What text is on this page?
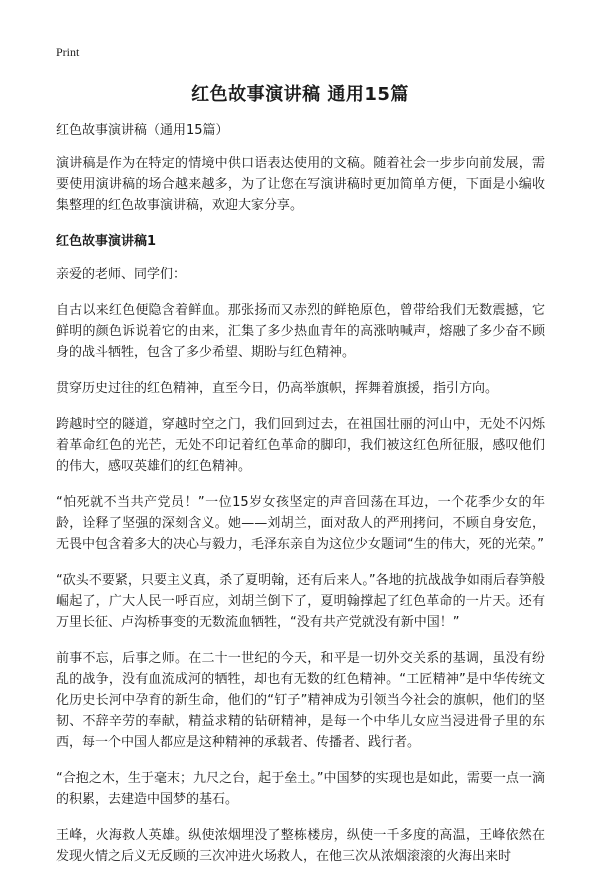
Print
红色故事演讲稿 通用15篇

红色故事演讲稿（通用15篇）

演讲稿是作为在特定的情境中供口语表达使用的文稿。随着社会一步步向前发展，需要使用演讲稿的场合越来越多，为了让您在写演讲稿时更加简单方便，下面是小编收集整理的红色故事演讲稿，欢迎大家分享。

红色故事演讲稿1

亲爱的老师、同学们：

自古以来红色便隐含着鲜血。那张扬而又赤烈的鲜艳原色，曾带给我们无数震撼，它鲜明的颜色诉说着它的由来，汇集了多少热血青年的高涨呐喊声，熔融了多少奋不顾身的战斗牺牲，包含了多少希望、期盼与红色精神。

贯穿历史过往的红色精神，直至今日，仍高举旗帜，挥舞着旗援，指引方向。

跨越时空的隧道，穿越时空之门，我们回到过去，在祖国壮丽的河山中，无处不闪烁着革命红色的光芒，无处不印记着红色革命的脚印，我们被这红色所征服，感叹他们的伟大，感叹英雄们的红色精神。

“怕死就不当共产党员！”一位15岁女孩坚定的声音回荡在耳边，一个花季少女的年龄，诠释了坚强的深刻含义。她——刘胡兰，面对敌人的严刑拷问，不顾自身安危，无畏中包含着多大的决心与毅力，毛泽东亲自为这位少女题词“生的伟大，死的光荣。”

“砍头不要紧，只要主义真，杀了夏明翰，还有后来人。”各地的抗战战争如雨后春笋般崛起了，广大人民一呼百应，刘胡兰倒下了，夏明翰撑起了红色革命的一片天。还有万里长征、卢沟桥事变的无数流血牺牲，“没有共产党就没有新中国！”

前事不忘，后事之师。在二十一世纪的今天，和平是一切外交关系的基调，虽没有纷乱的战争，没有血流成河的牺牲，却也有无数的红色精神。“工匠精神”是中华传统文化历史长河中孕育的新生命，他们的“钉子”精神成为引领当今社会的旗帜，他们的坚韧、不辞辛劳的奉献，精益求精的钻研精神，是每一个中华儿女应当浸进骨子里的东西，每一个中国人都应是这种精神的承载者、传播者、践行者。

“合抱之木，生于毫末；九尺之台，起于垒土。”中国梦的实现也是如此，需要一点一滴的积累，去建造中国梦的基石。

王峰，火海救人英雄。纵使浓烟埋没了整栋楼房，纵使一千多度的高温，王峰依然在发现火情之后义无反顾的三次冲进火场救人，在他三次从浓烟滚滚的火海出来时
